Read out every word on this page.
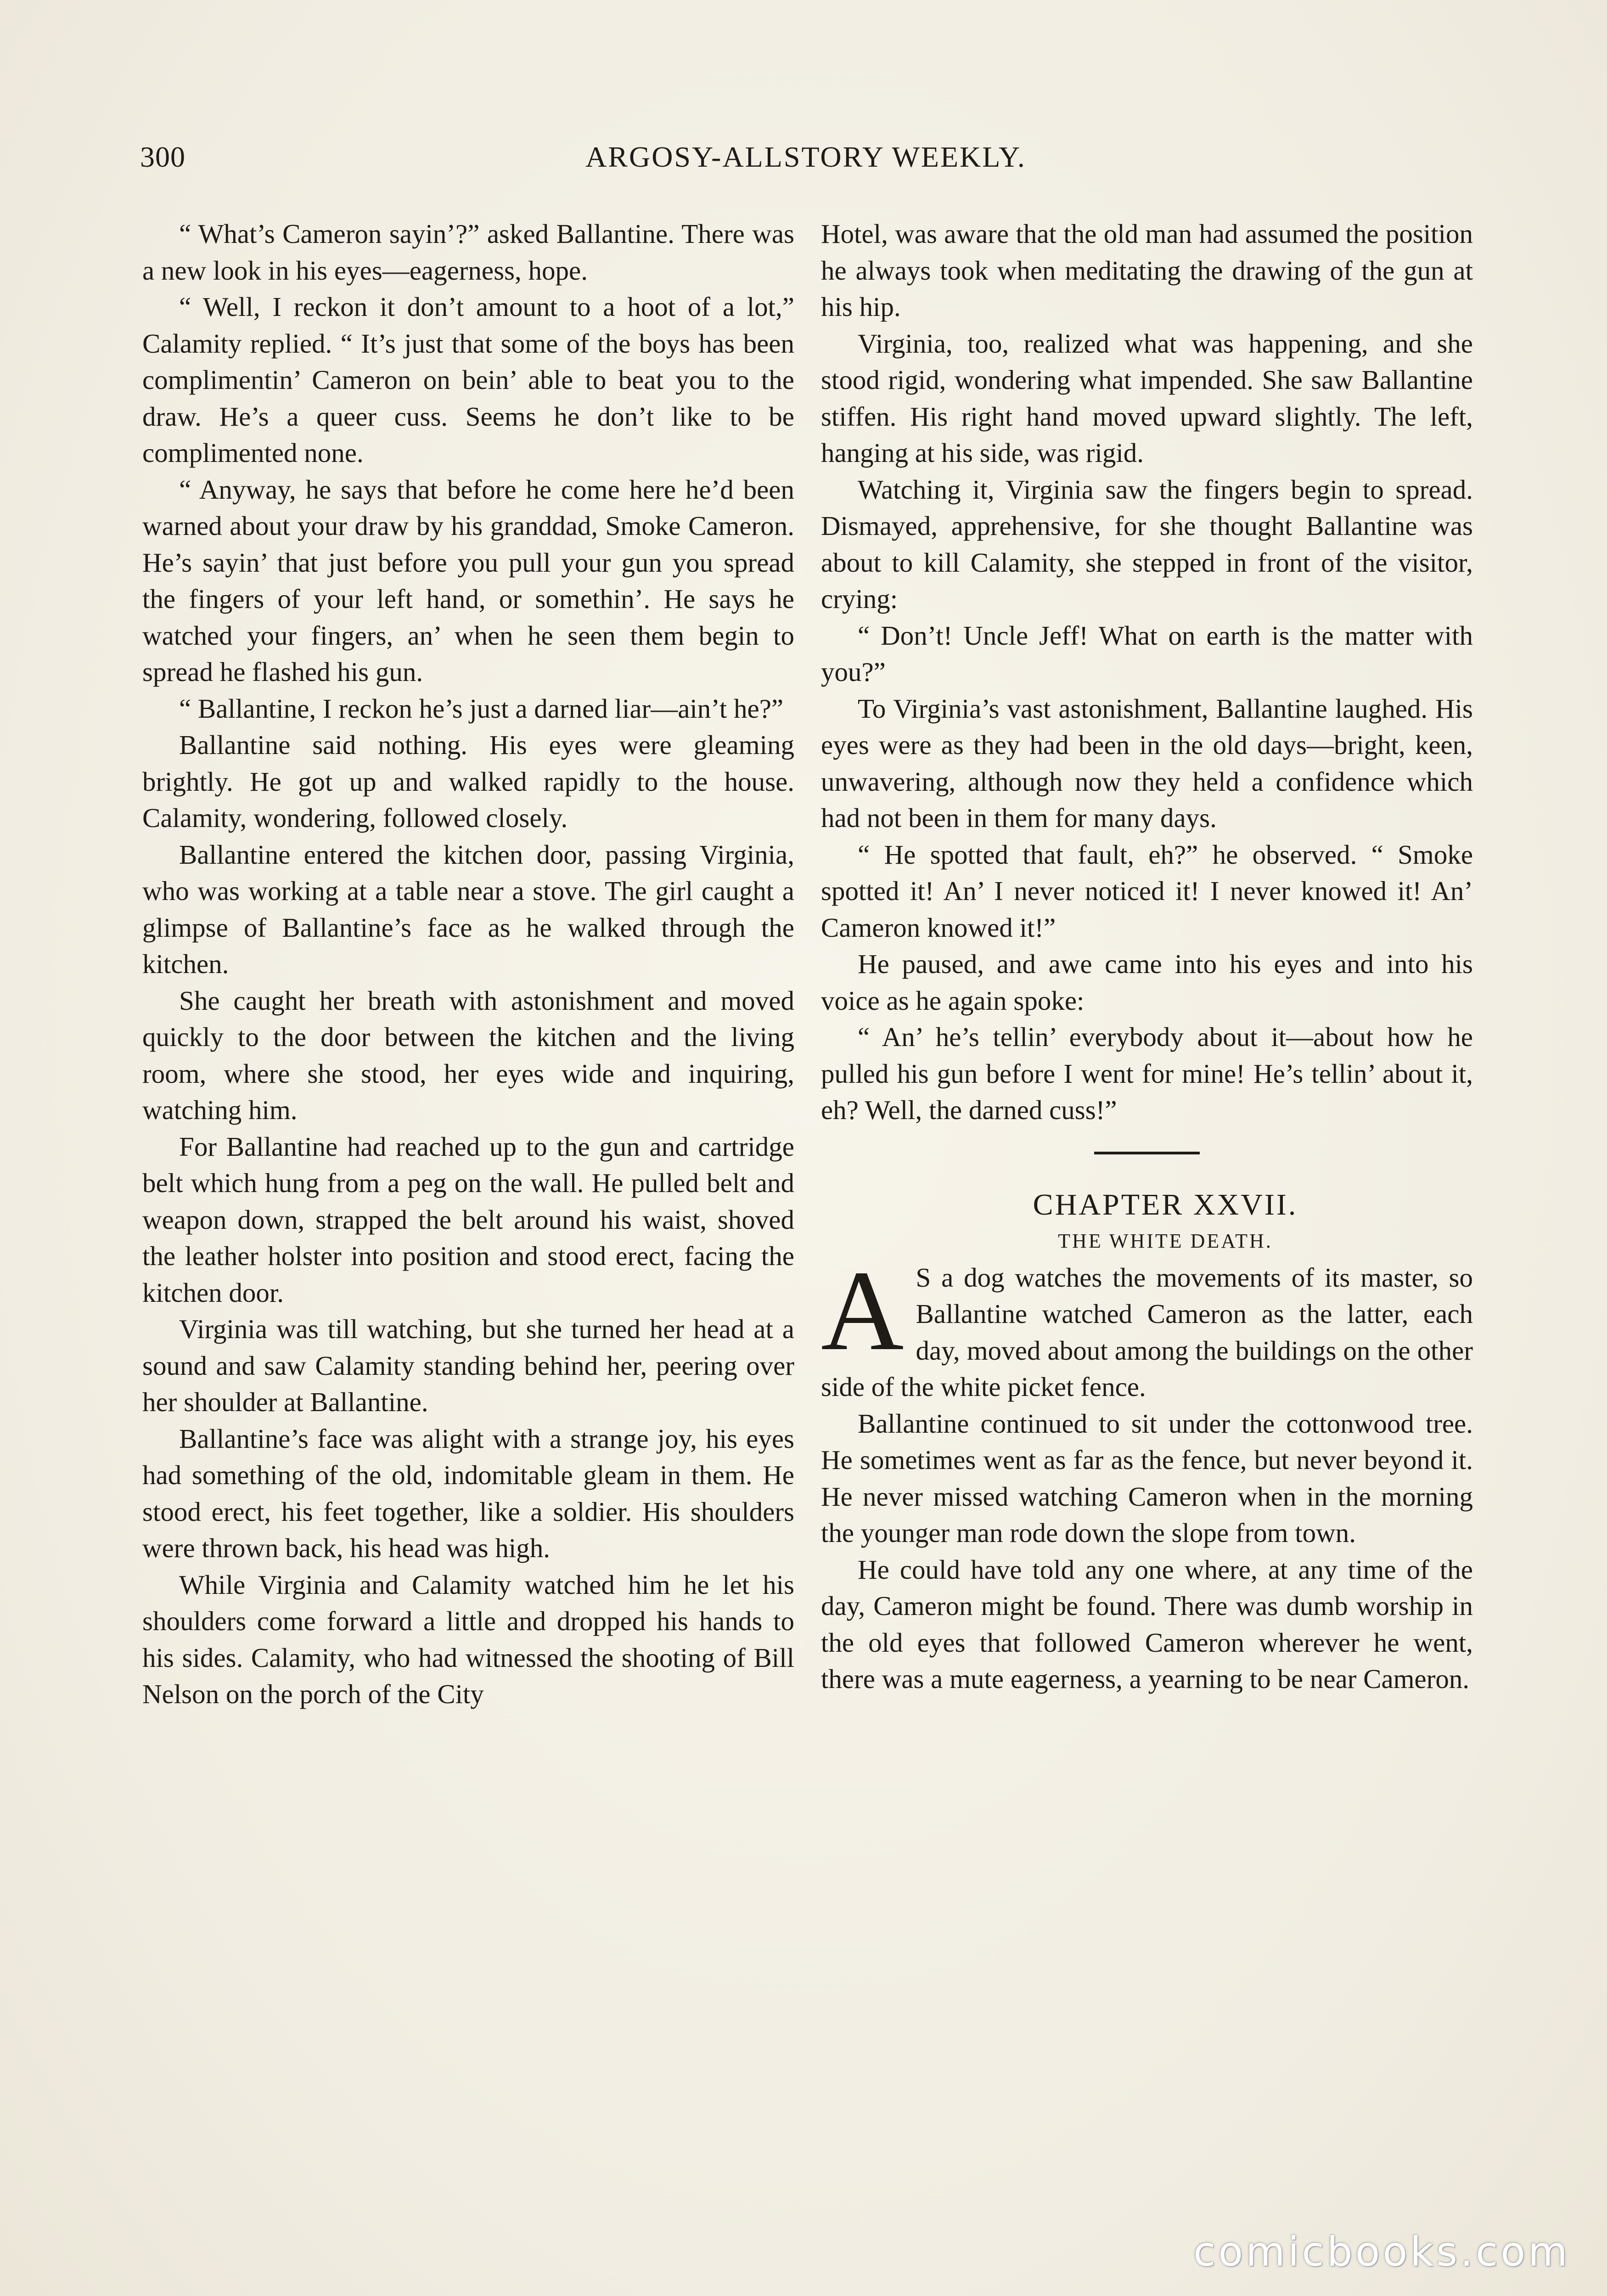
300	ARGOSY-ALLSTORY WEEKLY.

“ What’s Cameron sayin’?” asked Ballantine. There was a new look in his eyes—eagerness, hope.

“ Well, I reckon it don’t amount to a hoot of a lot,” Calamity replied. “ It’s just that some of the boys has been complimentin’ Cameron on bein’ able to beat you to the draw. He’s a queer cuss. Seems he don’t like to be complimented none.

“ Anyway, he says that before he come here he’d been warned about your draw by his granddad, Smoke Cameron. He’s sayin’ that just before you pull your gun you spread the fingers of your left hand, or somethin’. He says he watched your fingers, an’ when he seen them begin to spread he flashed his gun.

“ Ballantine, I reckon he’s just a darned liar—ain’t he?”

Ballantine said nothing. His eyes were gleaming brightly. He got up and walked rapidly to the house. Calamity, wondering, followed closely.

Ballantine entered the kitchen door, passing Virginia, who was working at a table near a stove. The girl caught a glimpse of Ballantine’s face as he walked through the kitchen.

She caught her breath with astonishment and moved quickly to the door between the kitchen and the living room, where she stood, her eyes wide and inquiring, watching him.

For Ballantine had reached up to the gun and cartridge belt which hung from a peg on the wall. He pulled belt and weapon down, strapped the belt around his waist, shoved the leather holster into position and stood erect, facing the kitchen door.

Virginia was till watching, but she turned her head at a sound and saw Calamity standing behind her, peering over her shoulder at Ballantine.

Ballantine’s face was alight with a strange joy, his eyes had something of the old, indomitable gleam in them. He stood erect, his feet together, like a soldier. His shoulders were thrown back, his head was high.

While Virginia and Calamity watched him he let his shoulders come forward a little and dropped his hands to his sides. Calamity, who had witnessed the shooting of Bill Nelson on the porch of the City

Hotel, was aware that the old man had assumed the position he always took when meditating the drawing of the gun at his hip.

Virginia, too, realized what was happening, and she stood rigid, wondering what impended. She saw Ballantine stiffen. His right hand moved upward slightly. The left, hanging at his side, was rigid.

Watching it, Virginia saw the fingers begin to spread. Dismayed, apprehensive, for she thought Ballantine was about to kill Calamity, she stepped in front of the visitor, crying:

“ Don’t! Uncle Jeff! What on earth is the matter with you?”

To Virginia’s vast astonishment, Ballantine laughed. His eyes were as they had been in the old days—bright, keen, unwavering, although now they held a confidence which had not been in them for many days.

“ He spotted that fault, eh?” he observed. “ Smoke spotted it! An’ I never noticed it! I never knowed it! An’ Cameron knowed it!”

He paused, and awe came into his eyes and into his voice as he again spoke:

“ An’ he’s tellin’ everybody about it—about how he pulled his gun before I went for mine! He’s tellin’ about it, eh? Well, the darned cuss!”

CHAPTER XXVII.

THE WHITE DEATH.

A S a dog watches the movements of its master, so Ballantine watched Cameron as the latter, each day, moved about among the buildings on the other side of the white picket fence.

Ballantine continued to sit under the cottonwood tree. He sometimes went as far as the fence, but never beyond it. He never missed watching Cameron when in the morning the younger man rode down the slope from town.

He could have told any one where, at any time of the day, Cameron might be found. There was dumb worship in the old eyes that followed Cameron wherever he went, there was a mute eagerness, a yearning to be near Cameron.

comicbooks.com
